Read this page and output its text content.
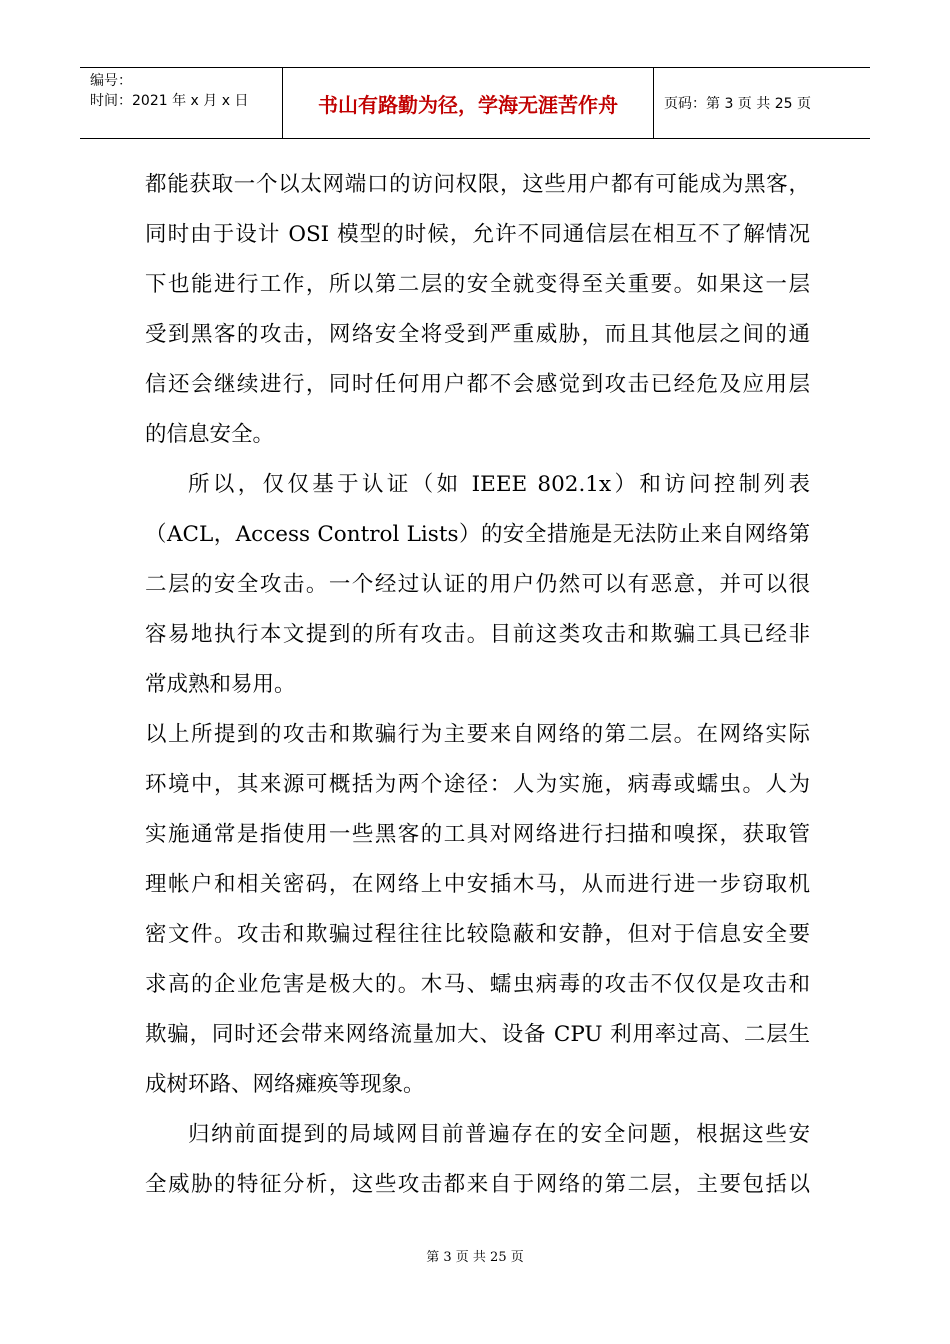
编号：
时间：2021 年 x 月 x 日	书山有路勤为径，学海无涯苦作舟	页码：第 3 页 共 25 页
都能获取一个以太网端口的访问权限，这些用户都有可能成为黑客，
同时由于设计 OSI 模型的时候，允许不同通信层在相互不了解情况
下也能进行工作，所以第二层的安全就变得至关重要。如果这一层
受到黑客的攻击，网络安全将受到严重威胁，而且其他层之间的通
信还会继续进行，同时任何用户都不会感觉到攻击已经危及应用层
的信息安全。
所以，仅仅基于认证（如 IEEE 802.1x）和访问控制列表
（ACL，Access Control Lists）的安全措施是无法防止来自网络第
二层的安全攻击。一个经过认证的用户仍然可以有恶意，并可以很
容易地执行本文提到的所有攻击。目前这类攻击和欺骗工具已经非
常成熟和易用。
以上所提到的攻击和欺骗行为主要来自网络的第二层。在网络实际
环境中，其来源可概括为两个途径：人为实施，病毒或蠕虫。人为
实施通常是指使用一些黑客的工具对网络进行扫描和嗅探，获取管
理帐户和相关密码，在网络上中安插木马，从而进行进一步窃取机
密文件。攻击和欺骗过程往往比较隐蔽和安静，但对于信息安全要
求高的企业危害是极大的。木马、蠕虫病毒的攻击不仅仅是攻击和
欺骗，同时还会带来网络流量加大、设备 CPU 利用率过高、二层生
成树环路、网络瘫痪等现象。
归纳前面提到的局域网目前普遍存在的安全问题，根据这些安
全威胁的特征分析，这些攻击都来自于网络的第二层，主要包括以
第 3 页 共 25 页
